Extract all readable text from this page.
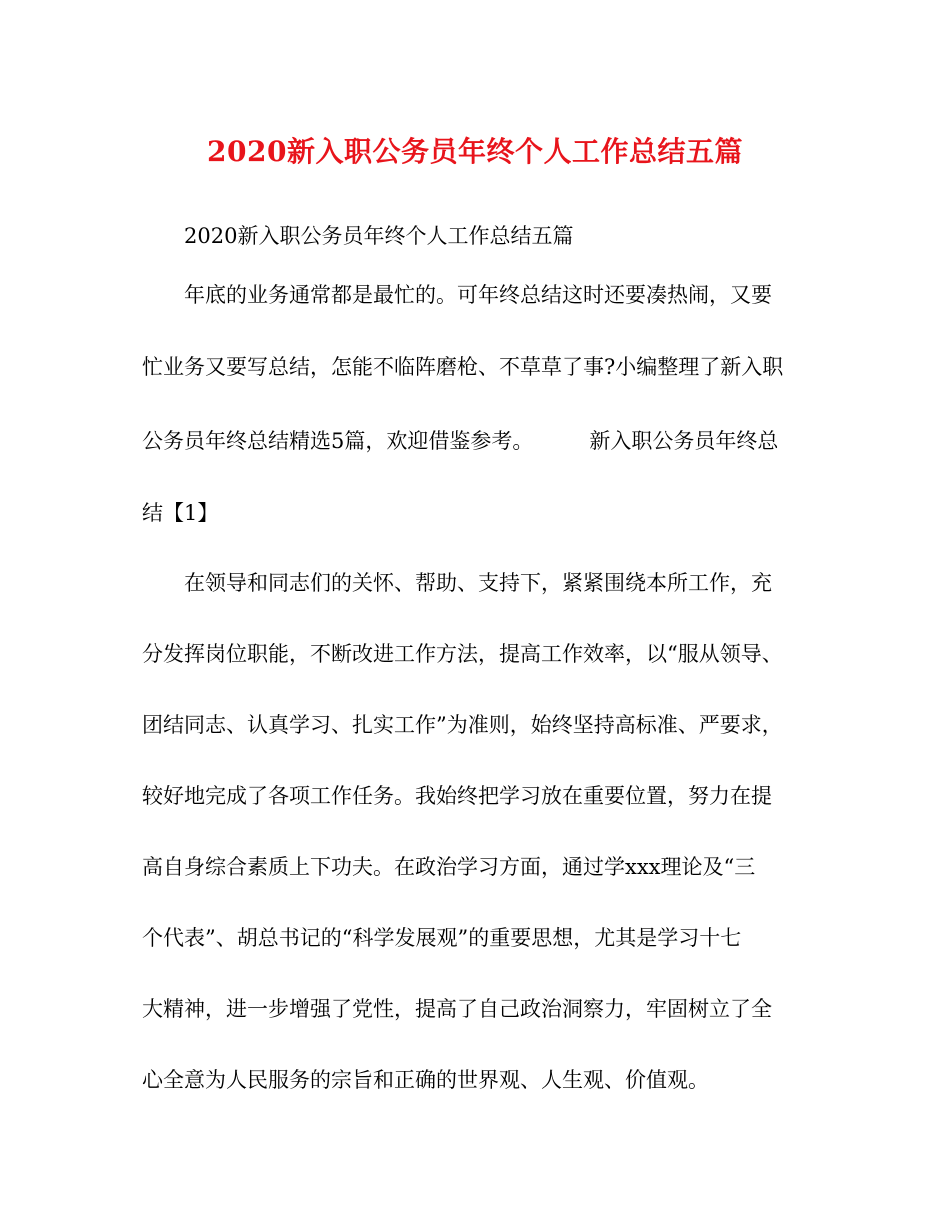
2020新入职公务员年终个人工作总结五篇
2020新入职公务员年终个人工作总结五篇
年底的业务通常都是最忙的。可年终总结这时还要凑热闹，又要
忙业务又要写总结，怎能不临阵磨枪、不草草了事?小编整理了新入职
公务员年终总结精选5篇，欢迎借鉴参考。	新入职公务员年终总
结【1】
在领导和同志们的关怀、帮助、支持下，紧紧围绕本所工作，充
分发挥岗位职能，不断改进工作方法，提高工作效率，以“服从领导、
团结同志、认真学习、扎实工作”为准则，始终坚持高标准、严要求，
较好地完成了各项工作任务。我始终把学习放在重要位置，努力在提
高自身综合素质上下功夫。在政治学习方面，通过学xxx理论及“三
个代表”、胡总书记的“科学发展观”的重要思想，尤其是学习十七
大精神，进一步增强了党性，提高了自己政治洞察力，牢固树立了全
心全意为人民服务的宗旨和正确的世界观、人生观、价值观。
